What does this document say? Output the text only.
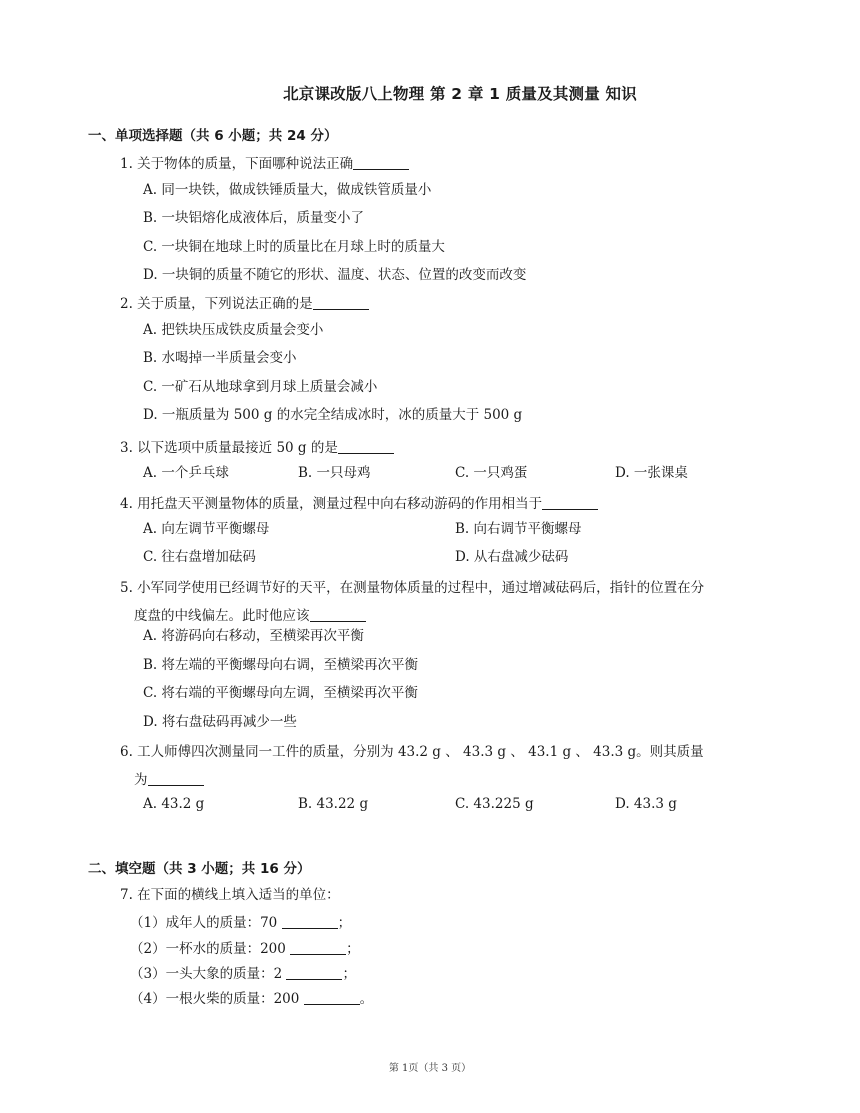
北京课改版八上物理 第 2 章 1 质量及其测量 知识
一、单项选择题（共 6 小题；共 24 分）
1. 关于物体的质量，下面哪种说法正确
A. 同一块铁，做成铁锤质量大，做成铁管质量小
B. 一块铝熔化成液体后，质量变小了
C. 一块铜在地球上时的质量比在月球上时的质量大
D. 一块铜的质量不随它的形状、温度、状态、位置的改变而改变
2. 关于质量，下列说法正确的是
A. 把铁块压成铁皮质量会变小
B. 水喝掉一半质量会变小
C. 一矿石从地球拿到月球上质量会减小
D. 一瓶质量为 500 g 的水完全结成冰时，冰的质量大于 500 g
3. 以下选项中质量最接近 50 g 的是
A. 一个乒乓球	B. 一只母鸡	C. 一只鸡蛋	D. 一张课桌
4. 用托盘天平测量物体的质量，测量过程中向右移动游码的作用相当于
A. 向左调节平衡螺母	B. 向右调节平衡螺母
C. 往右盘增加砝码	D. 从右盘减少砝码
5. 小军同学使用已经调节好的天平，在测量物体质量的过程中，通过增减砝码后，指针的位置在分
度盘的中线偏左。此时他应该
A. 将游码向右移动，至横梁再次平衡
B. 将左端的平衡螺母向右调，至横梁再次平衡
C. 将右端的平衡螺母向左调，至横梁再次平衡
D. 将右盘砝码再减少一些
6. 工人师傅四次测量同一工件的质量，分别为 43.2 g 、 43.3 g 、 43.1 g 、 43.3 g。则其质量
为
A. 43.2 g	B. 43.22 g	C. 43.225 g	D. 43.3 g
二、填空题（共 3 小题；共 16 分）
7. 在下面的横线上填入适当的单位：
（1）成年人的质量：70	；
（2）一杯水的质量：200	；
（3）一头大象的质量：2	；
（4）一根火柴的质量：200	。
第 1页（共 3 页）
